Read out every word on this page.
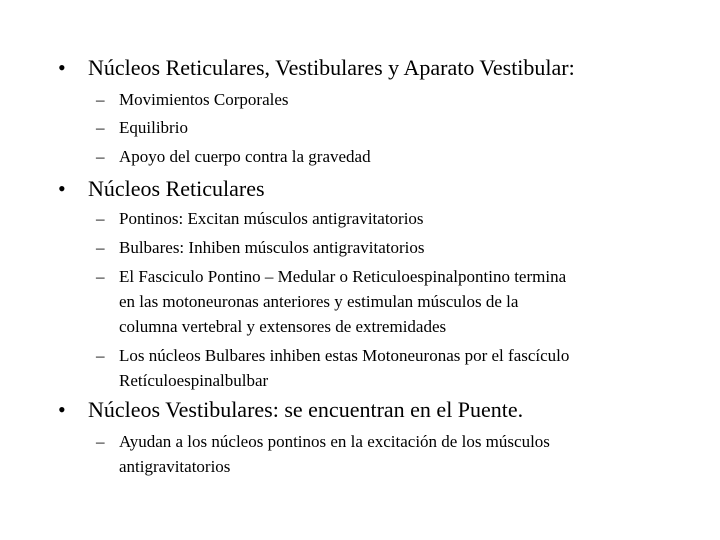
•	Núcleos Reticulares, Vestibulares y Aparato Vestibular:
– Movimientos Corporales
– Equilibrio
– Apoyo del cuerpo contra la gravedad
•	Núcleos Reticulares
– Pontinos: Excitan músculos antigravitatorios
– Bulbares: Inhiben músculos antigravitatorios
– El Fasciculo Pontino – Medular o Reticuloespinalpontino termina
en las motoneuronas anteriores y estimulan músculos de la
columna vertebral y extensores de extremidades
– Los núcleos Bulbares inhiben estas Motoneuronas por el fascículo
Retículoespinalbulbar
•	Núcleos Vestibulares: se encuentran en el Puente.
– Ayudan a los núcleos pontinos en la excitación de los músculos
antigravitatorios
